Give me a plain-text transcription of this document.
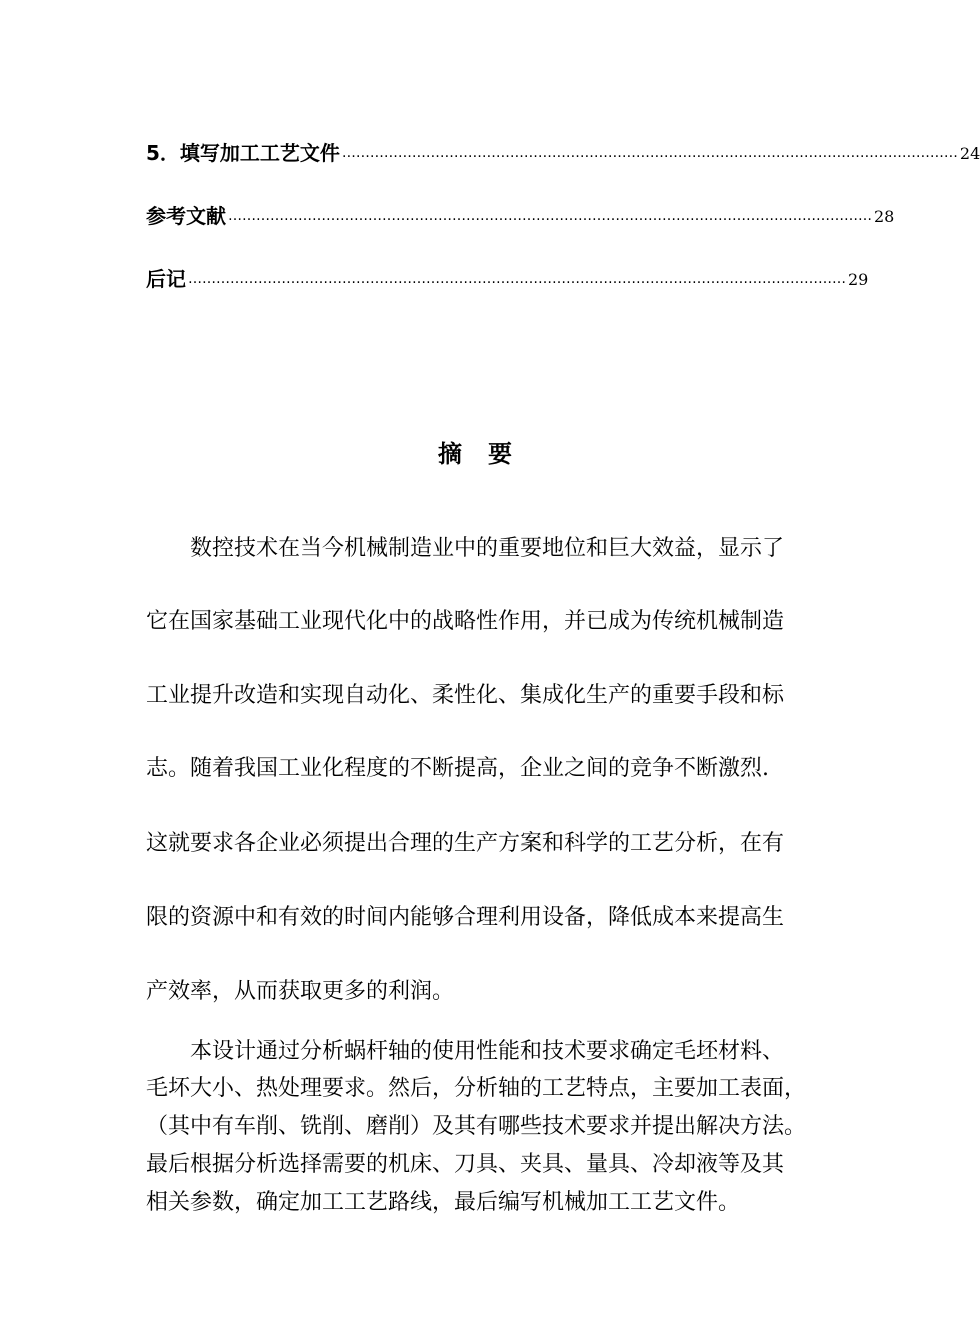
5．填写加工工艺文件 …………………………………………………………………………………………………………………… 24
参考文献 ………………………………………………………………………………………………………………………… 28
后记 …………………………………………………………………………………………………………………………… 29
摘要
数控技术在当今机械制造业中的重要地位和巨大效益，显示了
它在国家基础工业现代化中的战略性作用，并已成为传统机械制造
工业提升改造和实现自动化、柔性化、集成化生产的重要手段和标
志。随着我国工业化程度的不断提高，企业之间的竞争不断激烈.
这就要求各企业必须提出合理的生产方案和科学的工艺分析，在有
限的资源中和有效的时间内能够合理利用设备，降低成本来提高生
产效率，从而获取更多的利润。
本设计通过分析蜗杆轴的使用性能和技术要求确定毛坯材料、
毛坏大小、热处理要求。然后，分析轴的工艺特点，主要加工表面，
（其中有车削、铣削、磨削）及其有哪些技术要求并提出解决方法。
最后根据分析选择需要的机床、刀具、夹具、量具、冷却液等及其
相关参数，确定加工工艺路线，最后编写机械加工工艺文件。
